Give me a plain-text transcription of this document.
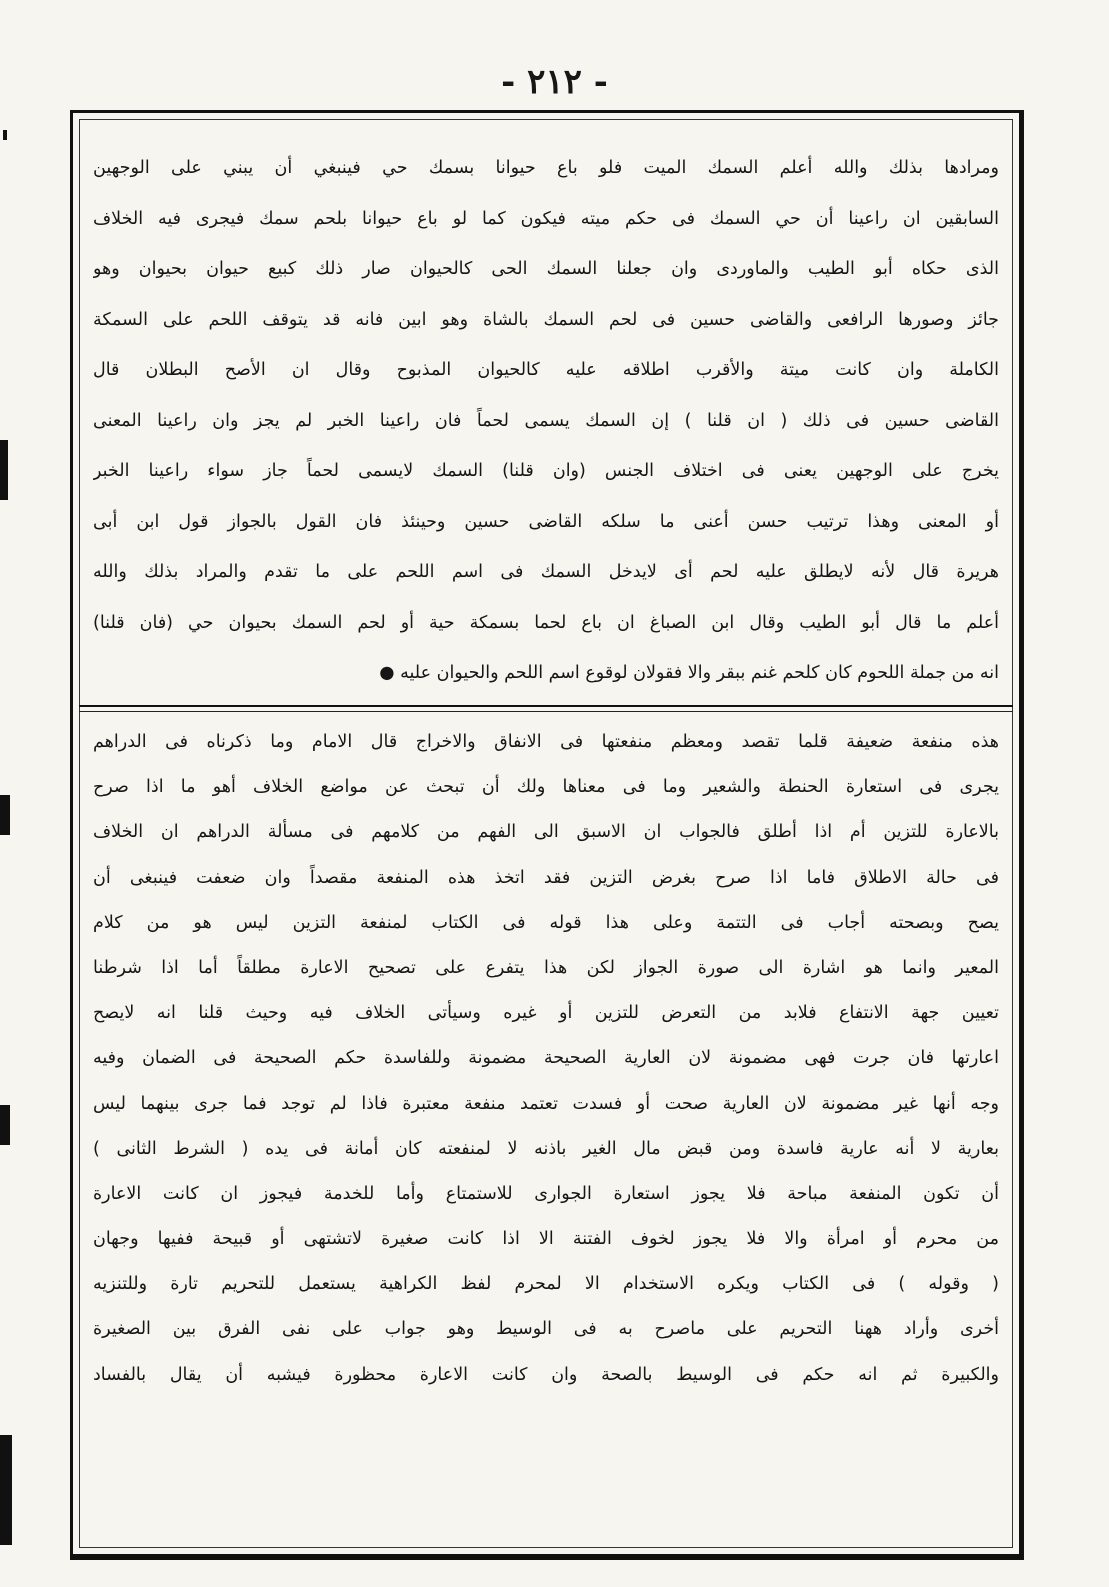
- ٢١٢ -
ومرادها بذلك والله أعلم السمك الميت فلو باع حيوانا بسمك حي فينبغي أن يبني على الوجهين
السابقين ان راعينا أن حي السمك فى حكم ميته فيكون كما لو باع حيوانا بلحم سمك فيجرى فيه الخلاف
الذى حكاه أبو الطيب والماوردى وان جعلنا السمك الحى كالحيوان صار ذلك كبيع حيوان بحيوان وهو
جائز وصورها الرافعى والقاضى حسين فى لحم السمك بالشاة وهو ابين فانه قد يتوقف اللحم على السمكة
الكاملة وان كانت ميتة والأقرب اطلاقه عليه كالحيوان المذبوح وقال ان الأصح البطلان قال
القاضى حسين فى ذلك ( ان قلنا ) إن السمك يسمى لحماً فان راعينا الخبر لم يجز وان راعينا المعنى
يخرج على الوجهين يعنى فى اختلاف الجنس (وان قلنا) السمك لايسمى لحماً جاز سواء راعينا الخبر
أو المعنى وهذا ترتيب حسن أعنى ما سلكه القاضى حسين وحينئذ فان القول بالجواز قول ابن أبى
هريرة قال لأنه لايطلق عليه لحم أى لايدخل السمك فى اسم اللحم على ما تقدم والمراد بذلك والله
أعلم ما قال أبو الطيب وقال ابن الصباغ ان باع لحما بسمكة حية أو لحم السمك بحيوان حي (فان قلنا)
انه من جملة اللحوم كان كلحم غنم ببقر والا فقولان لوقوع اسم اللحم والحيوان عليه ●
هذه منفعة ضعيفة قلما تقصد ومعظم منفعتها فى الانفاق والاخراج قال الامام وما ذكرناه فى الدراهم
يجرى فى استعارة الحنطة والشعير وما فى معناها ولك أن تبحث عن مواضع الخلاف أهو ما اذا صرح
بالاعارة للتزين أم اذا أطلق فالجواب ان الاسبق الى الفهم من كلامهم فى مسألة الدراهم ان الخلاف
فى حالة الاطلاق فاما اذا صرح بغرض التزين فقد اتخذ هذه المنفعة مقصداً وان ضعفت فينبغى أن
يصح وبصحته أجاب فى التتمة وعلى هذا قوله فى الكتاب لمنفعة التزين ليس هو من كلام
المعير وانما هو اشارة الى صورة الجواز لكن هذا يتفرع على تصحيح الاعارة مطلقاً أما اذا شرطنا
تعيين جهة الانتفاع فلابد من التعرض للتزين أو غيره وسيأتى الخلاف فيه وحيث قلنا انه لايصح
اعارتها فان جرت فهى مضمونة لان العارية الصحيحة مضمونة وللفاسدة حكم الصحيحة فى الضمان وفيه
وجه أنها غير مضمونة لان العارية صحت أو فسدت تعتمد منفعة معتبرة فاذا لم توجد فما جرى بينهما ليس
بعارية لا أنه عارية فاسدة ومن قبض مال الغير باذنه لا لمنفعته كان أمانة فى يده ( الشرط الثانى )
أن تكون المنفعة مباحة فلا يجوز استعارة الجوارى للاستمتاع وأما للخدمة فيجوز ان كانت الاعارة
من محرم أو امرأة والا فلا يجوز لخوف الفتنة الا اذا كانت صغيرة لاتشتهى أو قبيحة ففيها وجهان
( وقوله ) فى الكتاب ويكره الاستخدام الا لمحرم لفظ الكراهية يستعمل للتحريم تارة وللتنزيه
أخرى وأراد ههنا التحريم على ماصرح به فى الوسيط وهو جواب على نفى الفرق بين الصغيرة
والكبيرة ثم انه حكم فى الوسيط بالصحة وان كانت الاعارة محظورة فيشبه أن يقال بالفساد
